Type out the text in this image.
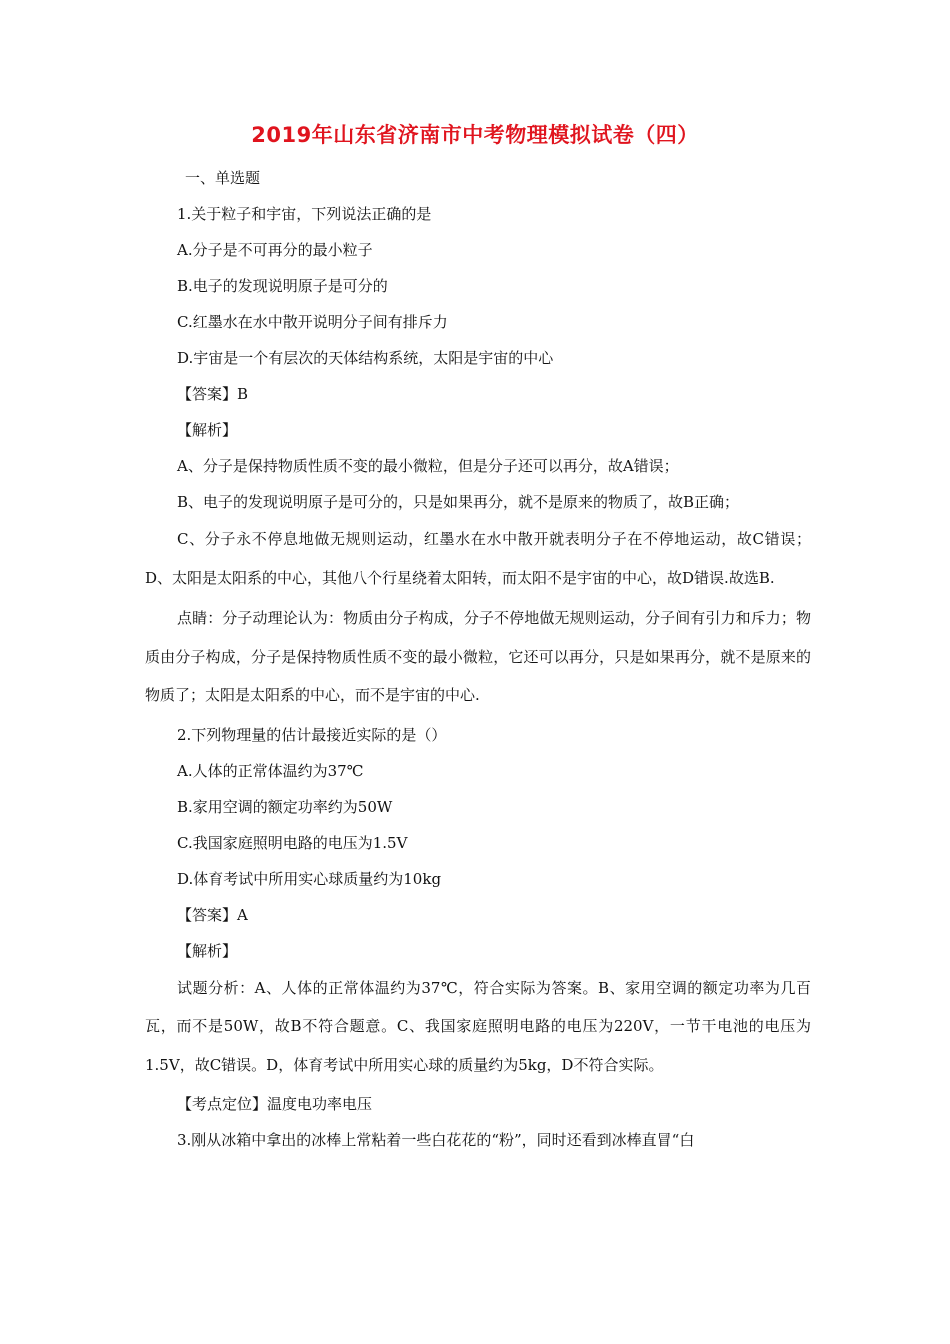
2019年山东省济南市中考物理模拟试卷（四）
一、单选题
1.关于粒子和宇宙，下列说法正确的是
A.分子是不可再分的最小粒子
B.电子的发现说明原子是可分的
C.红墨水在水中散开说明分子间有排斥力
D.宇宙是一个有层次的天体结构系统，太阳是宇宙的中心
【答案】B
【解析】
A、分子是保持物质性质不变的最小微粒，但是分子还可以再分，故A错误；
B、电子的发现说明原子是可分的，只是如果再分，就不是原来的物质了，故B正确；
C、分子永不停息地做无规则运动，红墨水在水中散开就表明分子在不停地运动，故C错误；D、太阳是太阳系的中心，其他八个行星绕着太阳转，而太阳不是宇宙的中心，故D错误.故选B.
点睛：分子动理论认为：物质由分子构成，分子不停地做无规则运动，分子间有引力和斥力；物质由分子构成，分子是保持物质性质不变的最小微粒，它还可以再分，只是如果再分，就不是原来的物质了；太阳是太阳系的中心，而不是宇宙的中心.
2.下列物理量的估计最接近实际的是（）
A.人体的正常体温约为37℃
B.家用空调的额定功率约为50W
C.我国家庭照明电路的电压为1.5V
D.体育考试中所用实心球质量约为10kg
【答案】A
【解析】
试题分析：A、人体的正常体温约为37℃，符合实际为答案。B、家用空调的额定功率为几百瓦，而不是50W，故B不符合题意。C、我国家庭照明电路的电压为220V，一节干电池的电压为1.5V，故C错误。D，体育考试中所用实心球的质量约为5kg，D不符合实际。
【考点定位】温度电功率电压
3.刚从冰箱中拿出的冰棒上常粘着一些白花花的“粉”，同时还看到冰棒直冒“白
